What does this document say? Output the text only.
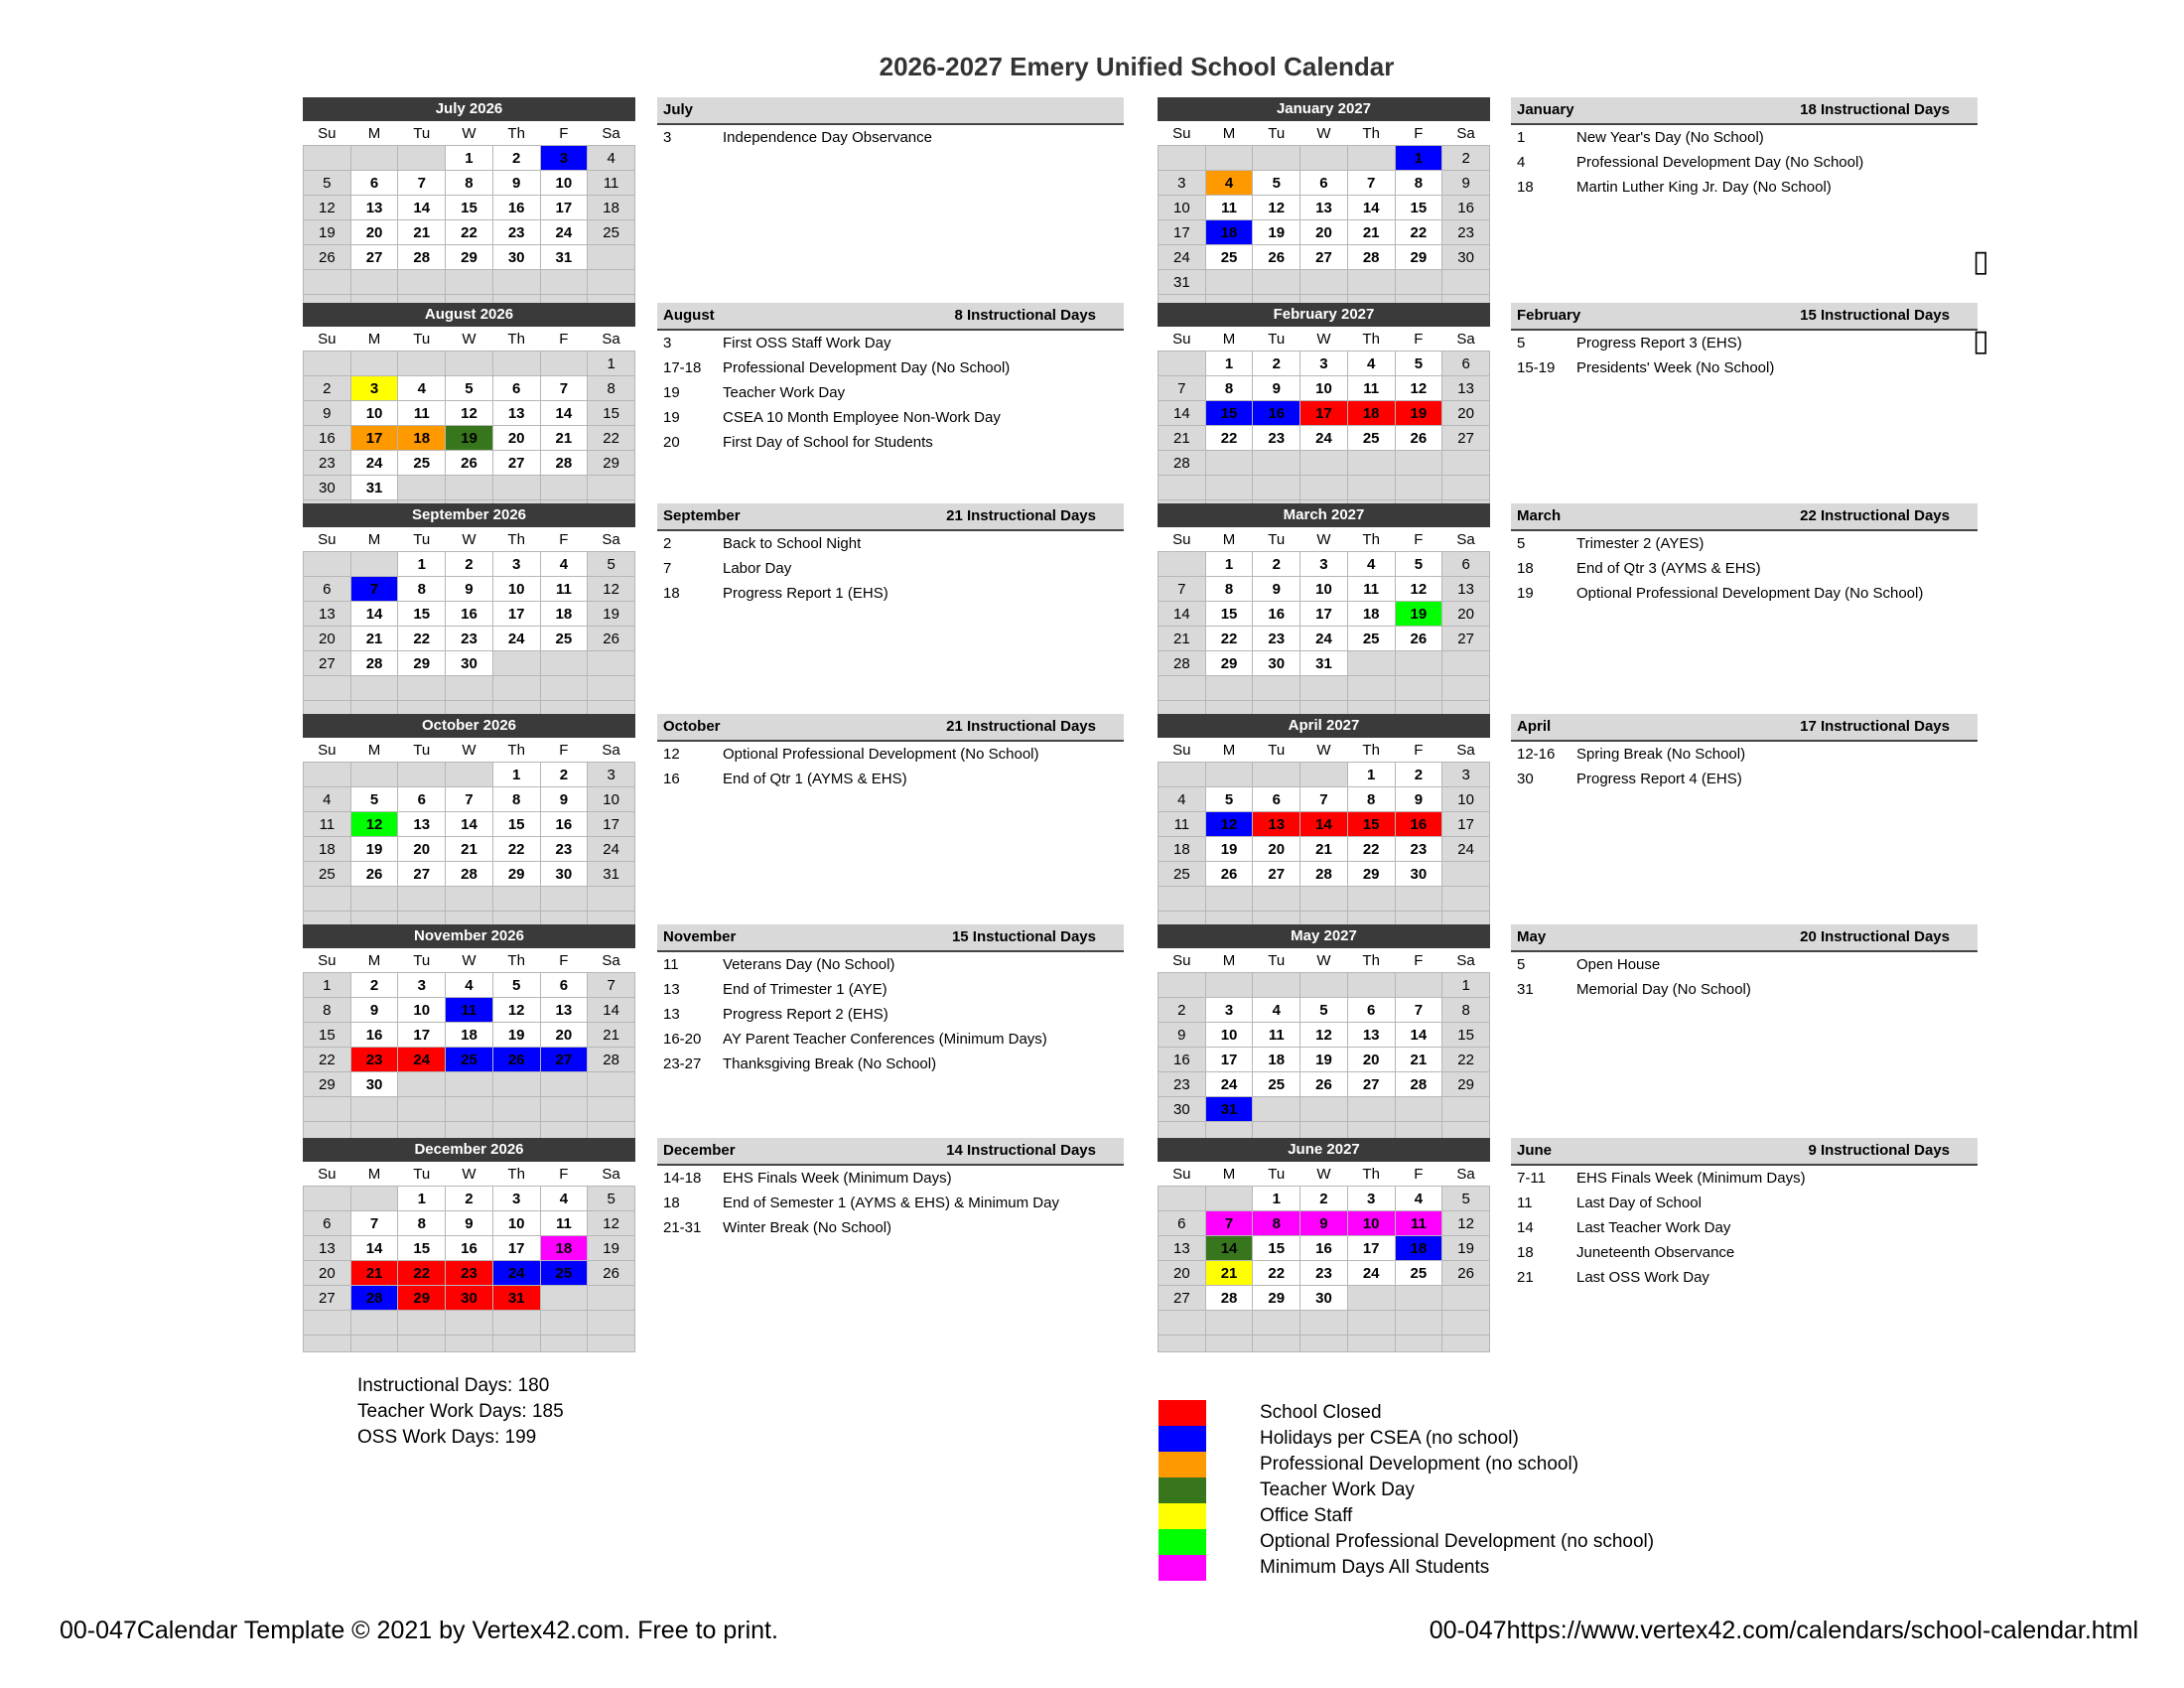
2026-2027 Emery Unified School Calendar
July 2026
Su	M	Tu	W	Th	F	Sa
			1	2	3	4
5	6	7	8	9	10	11
12	13	14	15	16	17	18
19	20	21	22	23	24	25
26	27	28	29	30	31	

July
3	Independence Day Observance
August 2026
Su	M	Tu	W	Th	F	Sa
						1
2	3	4	5	6	7	8
9	10	11	12	13	14	15
16	17	18	19	20	21	22
23	24	25	26	27	28	29
30	31					

August	8 Instructional Days
3	First OSS Staff Work Day
17-18 Professional Development Day (No School)
19	Teacher Work Day
19	CSEA 10 Month Employee Non-Work Day
20	First Day of School for Students
September 2026
Su	M	Tu	W	Th	F	Sa
		1	2	3	4	5
6	7	8	9	10	11	12
13	14	15	16	17	18	19
20	21	22	23	24	25	26
27	28	29	30			

September	21 Instructional Days
2	Back to School Night
7	Labor Day
18	Progress Report 1 (EHS)
October 2026
Su	M	Tu	W	Th	F	Sa
				1	2	3
4	5	6	7	8	9	10
11	12	13	14	15	16	17
18	19	20	21	22	23	24
25	26	27	28	29	30	31

October	21 Instructional Days
12	Optional Professional Development (No School)
16	End of Qtr 1 (AYMS & EHS)
November 2026
Su	M	Tu	W	Th	F	Sa
1	2	3	4	5	6	7
8	9	10	11	12	13	14
15	16	17	18	19	20	21
22	23	24	25	26	27	28
29	30					

November	15 Instuctional Days
11	Veterans Day (No School)
13	End of Trimester 1 (AYE)
13	Progress Report 2 (EHS)
16-20 AY Parent Teacher Conferences (Minimum Days)
23-27 Thanksgiving Break (No School)
December 2026
Su	M	Tu	W	Th	F	Sa
		1	2	3	4	5
6	7	8	9	10	11	12
13	14	15	16	17	18	19
20	21	22	23	24	25	26
27	28	29	30	31		

December	14 Instructional Days
14-18 EHS Finals Week (Minimum Days)
18	End of Semester 1 (AYMS & EHS) & Minimum Day
21-31 Winter Break (No School)
January 2027
Su	M	Tu	W	Th	F	Sa
					1	2
3	4	5	6	7	8	9
10	11	12	13	14	15	16
17	18	19	20	21	22	23
24	25	26	27	28	29	30
31						

January	18 Instructional Days
1	New Year's Day (No School)
4	Professional Development Day (No School)
18	Martin Luther King Jr. Day (No School)
February 2027
Su	M	Tu	W	Th	F	Sa
	1	2	3	4	5	6
7	8	9	10	11	12	13
14	15	16	17	18	19	20
21	22	23	24	25	26	27
28						

February	15 Instructional Days
5	Progress Report 3 (EHS)
15-19 Presidents' Week (No School)
March 2027
Su	M	Tu	W	Th	F	Sa
	1	2	3	4	5	6
7	8	9	10	11	12	13
14	15	16	17	18	19	20
21	22	23	24	25	26	27
28	29	30	31			

March	22 Instructional Days
5	Trimester 2 (AYES)
18	End of Qtr 3 (AYMS & EHS)
19	Optional Professional Development Day (No School)
April 2027
Su	M	Tu	W	Th	F	Sa
				1	2	3
4	5	6	7	8	9	10
11	12	13	14	15	16	17
18	19	20	21	22	23	24
25	26	27	28	29	30	

April	17 Instructional Days
12-16 Spring Break (No School)
30	Progress Report 4 (EHS)
May 2027
Su	M	Tu	W	Th	F	Sa
						1
2	3	4	5	6	7	8
9	10	11	12	13	14	15
16	17	18	19	20	21	22
23	24	25	26	27	28	29
30	31					

May	20 Instructional Days
5	Open House
31	Memorial Day (No School)
June 2027
Su	M	Tu	W	Th	F	Sa
		1	2	3	4	5
6	7	8	9	10	11	12
13	14	15	16	17	18	19
20	21	22	23	24	25	26
27	28	29	30			

June	9 Instructional Days
7-11 EHS Finals Week (Minimum Days)
11	Last Day of School
14	Last Teacher Work Day
18	Juneteenth Observance
21	Last OSS Work Day
Instructional Days: 180
Teacher Work Days: 185
OSS Work Days: 199
School Closed
Holidays per CSEA (no school)
Professional Development (no school)
Teacher Work Day
Office Staff
Optional Professional Development (no school)
Minimum Days All Students
00-047Calendar Template © 2021 by Vertex42.com. Free to print.	00-047https://www.vertex42.com/calendars/school-calendar.html
▯
▯
